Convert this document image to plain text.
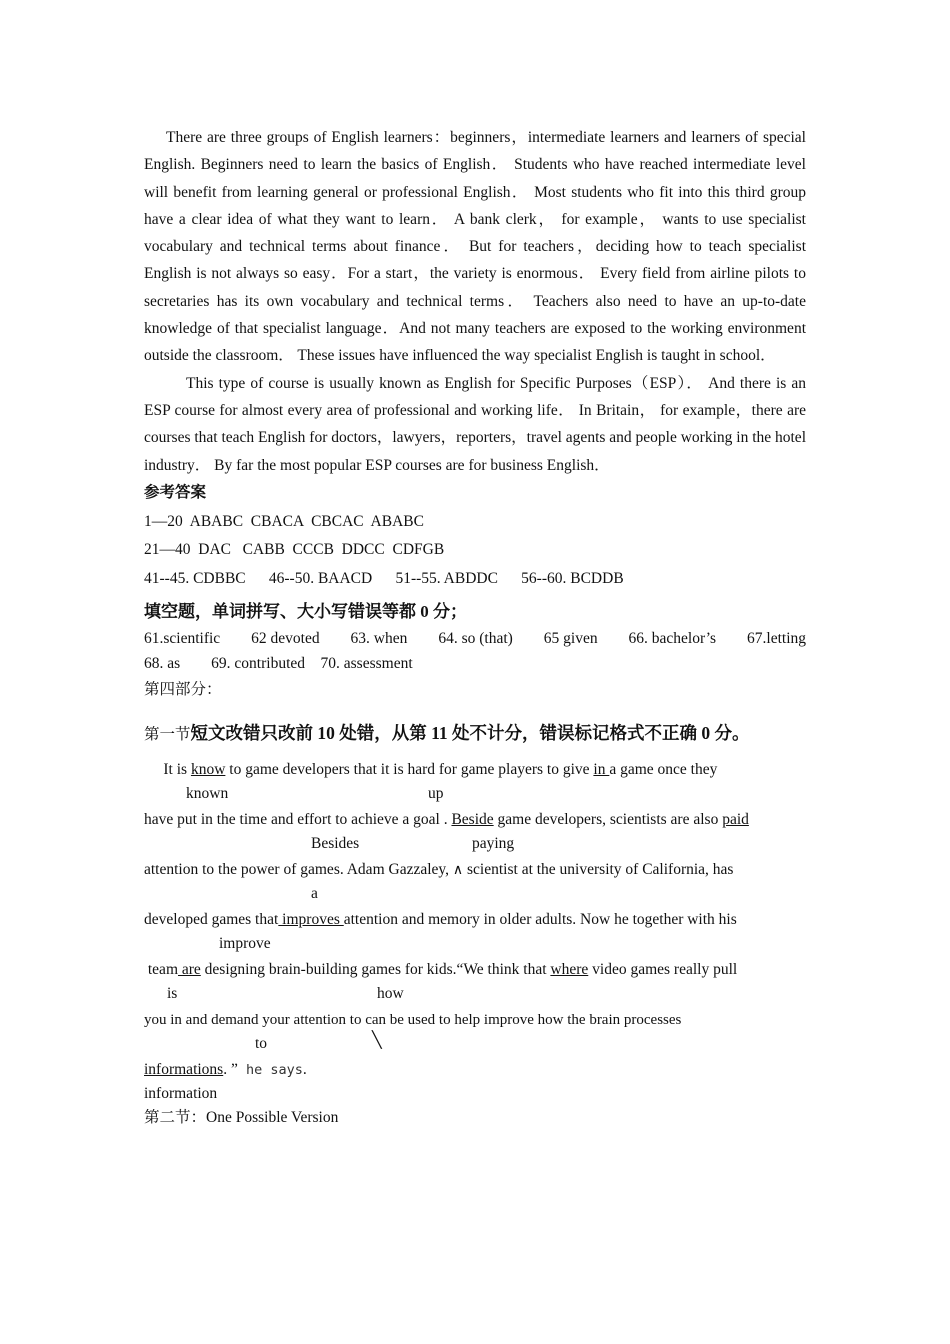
There are three groups of English learners：beginners，intermediate learners and learners of special English. Beginners need to learn the basics of English． Students who have reached intermediate level will benefit from learning general or professional English． Most students who fit into this third group have a clear idea of what they want to learn． A bank clerk， for example， wants to use specialist vocabulary and technical terms about finance． But for teachers，deciding how to teach specialist English is not always so easy．For a start，the variety is enormous． Every field from airline pilots to secretaries has its own vocabulary and technical terms． Teachers also need to have an up-to-date knowledge of that specialist language．And not many teachers are exposed to the working environment outside the classroom． These issues have influenced the way specialist English is taught in school．

This type of course is usually known as English for Specific Purposes（ESP）． And there is an ESP course for almost every area of professional and working life． In Britain， for example，there are courses that teach English for doctors，lawyers，reporters，travel agents and people working in the hotel industry． By far the most popular ESP courses are for business English．

参考答案
1—20  ABABC  CBACA  CBCAC  ABABC
21—40  DAC   CABB  CCCB  DDCC  CDFGB
41--45. CDBBC      46--50. BAACD      51--55. ABDDC      56--60. BCDDB
填空题，单词拼写、大小写错误等都 0 分；
61.scientific 62 devoted 63. when 64. so (that) 65 given 66. bachelor’s 67.letting
68. as        69. contributed    70. assessment
第四部分：
第一节短文改错只改前 10 处错，从第 11 处不计分，错误标记格式不正确 0 分。
It is know to game developers that it is hard for game players to give in a game once they
known	up
have put in the time and effort to achieve a goal . Beside game developers, scientists are also paid
Besides	paying
attention to the power of games. Adam Gazzaley, ∧ scientist at the university of California, has
a
developed games that improves attention and memory in older adults. Now he together with his
improve
team are designing brain-building games for kids.“We think that where video games really pull
is	how
you in and demand your attention to can be used to help improve how the brain processes
to	╲
informations. ” he says.
information
第二节：One Possible Version
